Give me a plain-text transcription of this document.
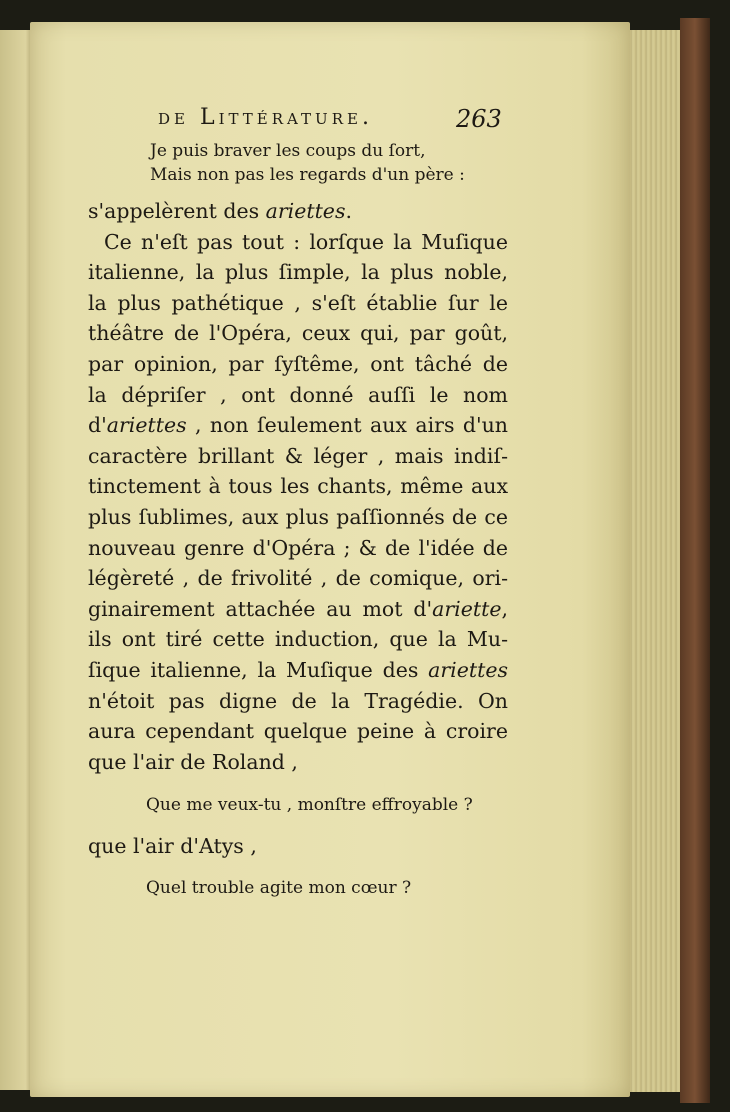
de Littérature.	263
Je puis braver les coups du ſort,
Mais non pas les regards d'un père :
s'appelèrent des ariettes.
Ce n'eſt pas tout : lorſque la Muſique
italienne, la plus ſimple, la plus noble,
la plus pathétique , s'eſt établie ſur le
théâtre de l'Opéra, ceux qui, par goût,
par opinion, par ſyſtême, ont tâché de
la dépriſer , ont donné auſſi le nom
d'ariettes , non ſeulement aux airs d'un
caractère brillant & léger , mais indiſ-
tinctement à tous les chants, même aux
plus ſublimes, aux plus paſſionnés de ce
nouveau genre d'Opéra ; & de l'idée de
légèreté , de frivolité , de comique, ori-
ginairement attachée au mot d'ariette,
ils ont tiré cette induction, que la Mu-
ſique italienne, la Muſique des ariettes
n'étoit pas digne de la Tragédie. On
aura cependant quelque peine à croire
que l'air de Roland ,
Que me veux-tu , monſtre effroyable ?
que l'air d'Atys ,
Quel trouble agite mon cœur ?
